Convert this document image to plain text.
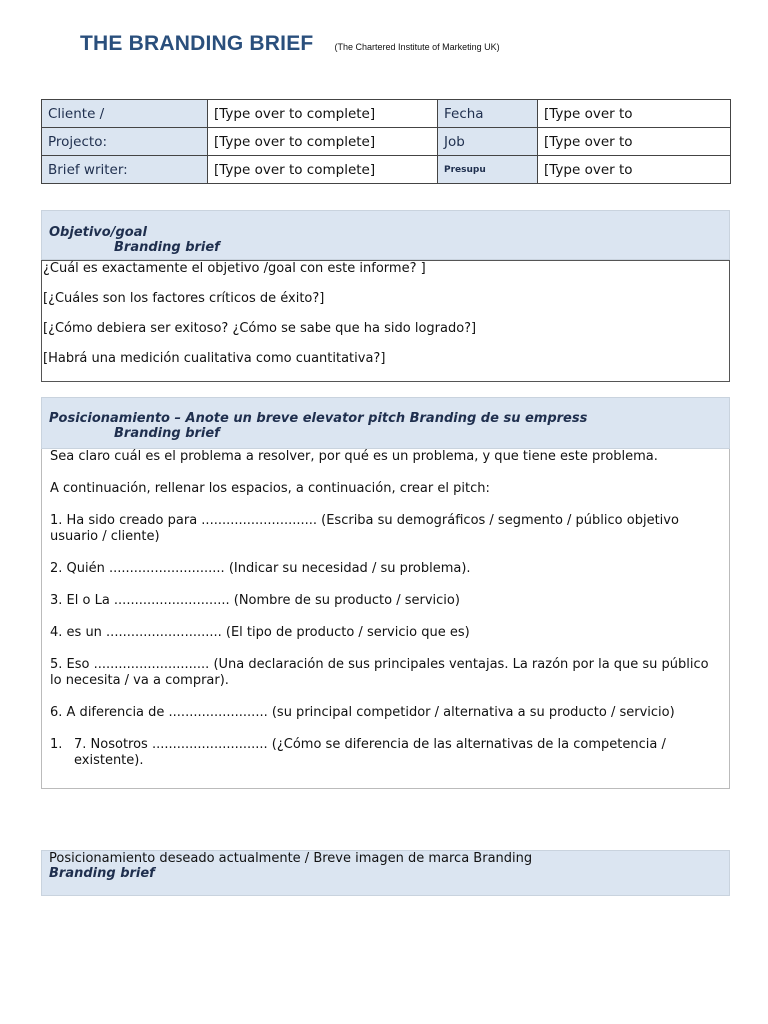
THE BRANDING BRIEF (The Chartered Institute of Marketing UK)
Cliente /	[Type over to complete]	Fecha	[Type over to
Projecto:	[Type over to complete]	Job	[Type over to
Brief writer:	[Type over to complete]	Presupu	[Type over to
Objetivo/goal
Branding brief

¿Cuál es exactamente el objetivo /goal con este informe? ]

[¿Cuáles son los factores críticos de éxito?]

[¿Cómo debiera ser exitoso? ¿Cómo se sabe que ha sido logrado?]

[Habrá una medición cualitativa como cuantitativa?]

Posicionamiento – Anote un breve elevator pitch Branding de su empress
Branding brief

Sea claro cuál es el problema a resolver, por qué es un problema, y que tiene este problema.

A continuación, rellenar los espacios, a continuación, crear el pitch:

1. Ha sido creado para ............................ (Escriba su demográficos / segmento / público objetivo usuario / cliente)

2. Quién ............................ (Indicar su necesidad / su problema).

3. El o La ............................ (Nombre de su producto / servicio)

4. es un ............................ (El tipo de producto / servicio que es)

5. Eso ............................ (Una declaración de sus principales ventajas. La razón por la que su público lo necesita / va a comprar).

6. A diferencia de ........................ (su principal competidor / alternativa a su producto / servicio)

1. 7. Nosotros ............................ (¿Cómo se diferencia de las alternativas de la competencia / existente).

Posicionamiento deseado actualmente / Breve imagen de marca Branding
Branding brief
